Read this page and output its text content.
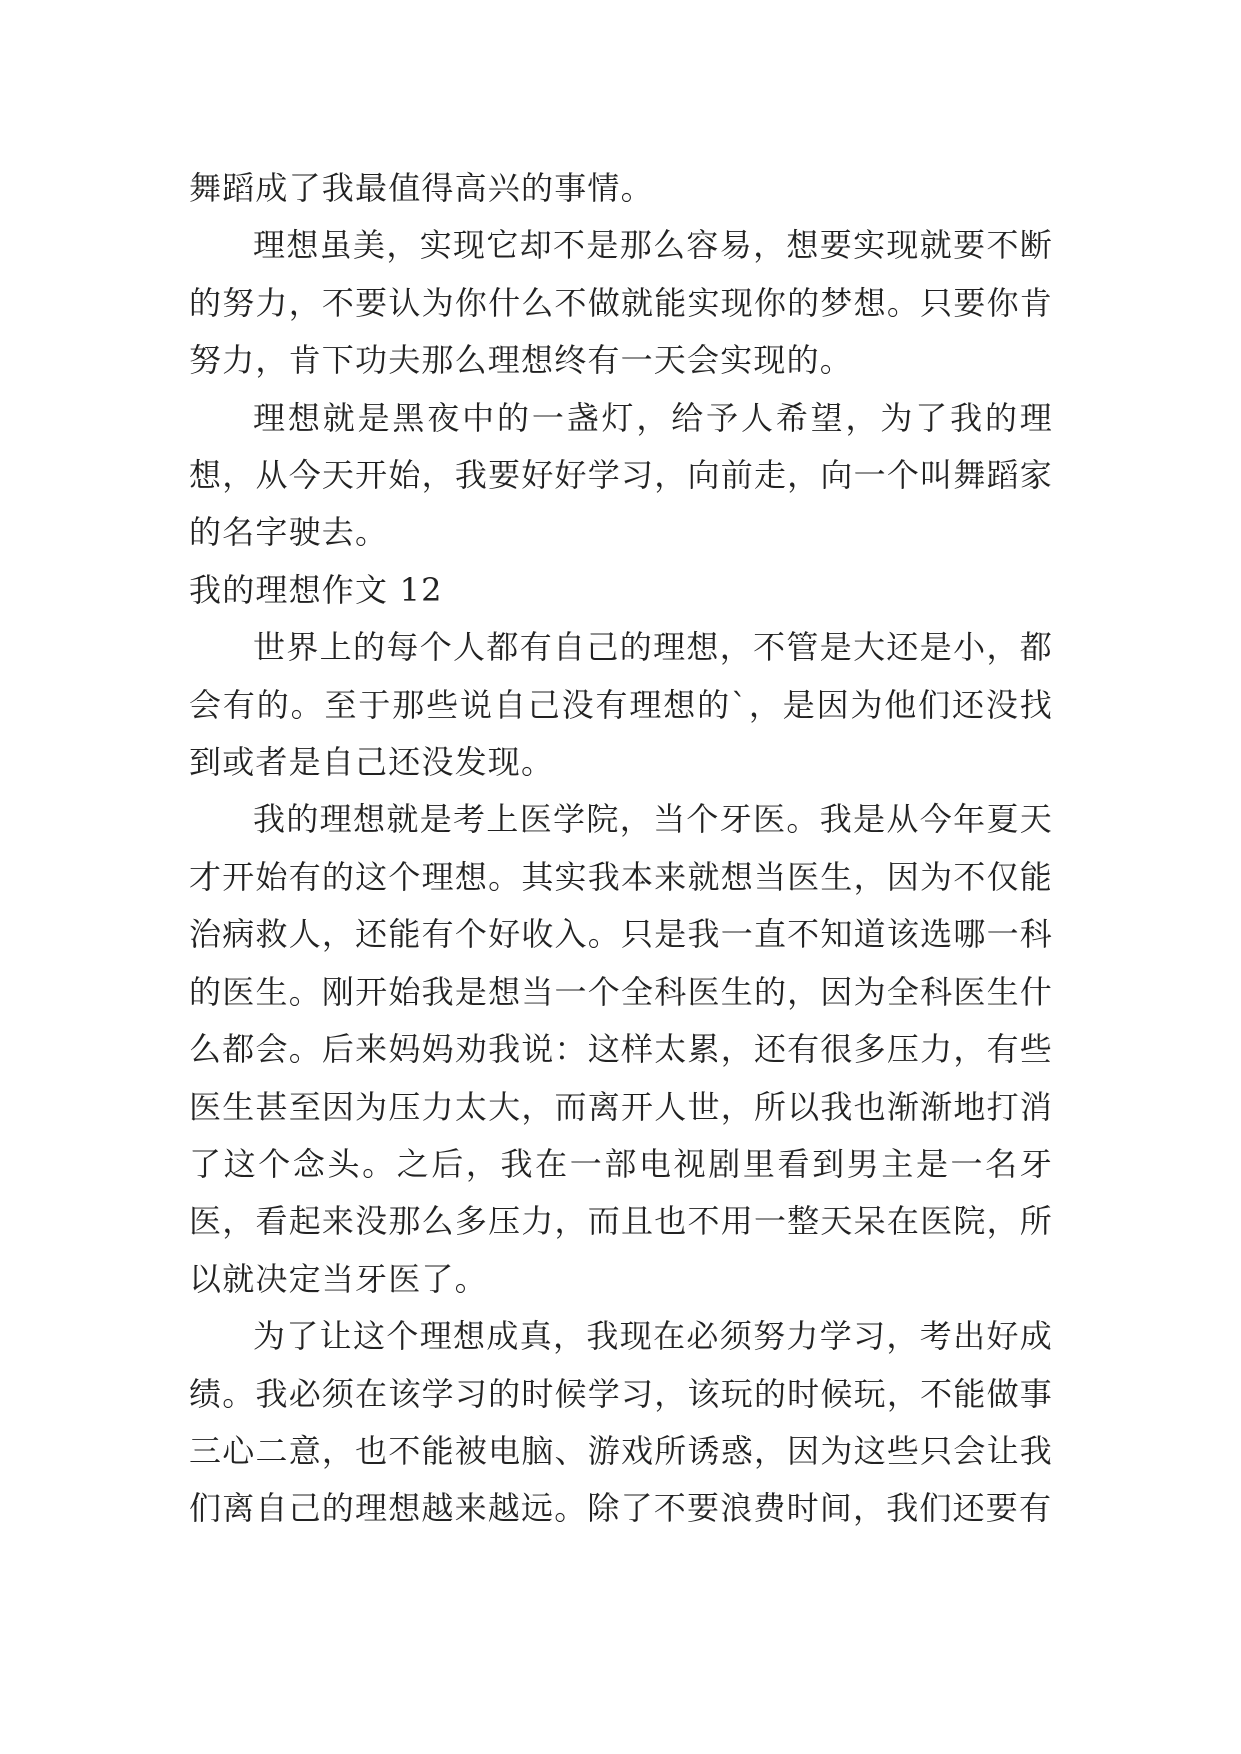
舞蹈成了我最值得高兴的事情。

理想虽美，实现它却不是那么容易，想要实现就要不断的努力，不要认为你什么不做就能实现你的梦想。只要你肯努力，肯下功夫那么理想终有一天会实现的。

理想就是黑夜中的一盏灯，给予人希望，为了我的理想，从今天开始，我要好好学习，向前走，向一个叫舞蹈家的名字驶去。

我的理想作文 12

世界上的每个人都有自己的理想，不管是大还是小，都会有的。至于那些说自己没有理想的`，是因为他们还没找到或者是自己还没发现。

我的理想就是考上医学院，当个牙医。我是从今年夏天才开始有的这个理想。其实我本来就想当医生，因为不仅能治病救人，还能有个好收入。只是我一直不知道该选哪一科的医生。刚开始我是想当一个全科医生的，因为全科医生什么都会。后来妈妈劝我说：这样太累，还有很多压力，有些医生甚至因为压力太大，而离开人世，所以我也渐渐地打消了这个念头。之后，我在一部电视剧里看到男主是一名牙医，看起来没那么多压力，而且也不用一整天呆在医院，所以就决定当牙医了。

为了让这个理想成真，我现在必须努力学习，考出好成绩。我必须在该学习的时候学习，该玩的时候玩，不能做事三心二意，也不能被电脑、游戏所诱惑，因为这些只会让我们离自己的理想越来越远。除了不要浪费时间，我们还要有
